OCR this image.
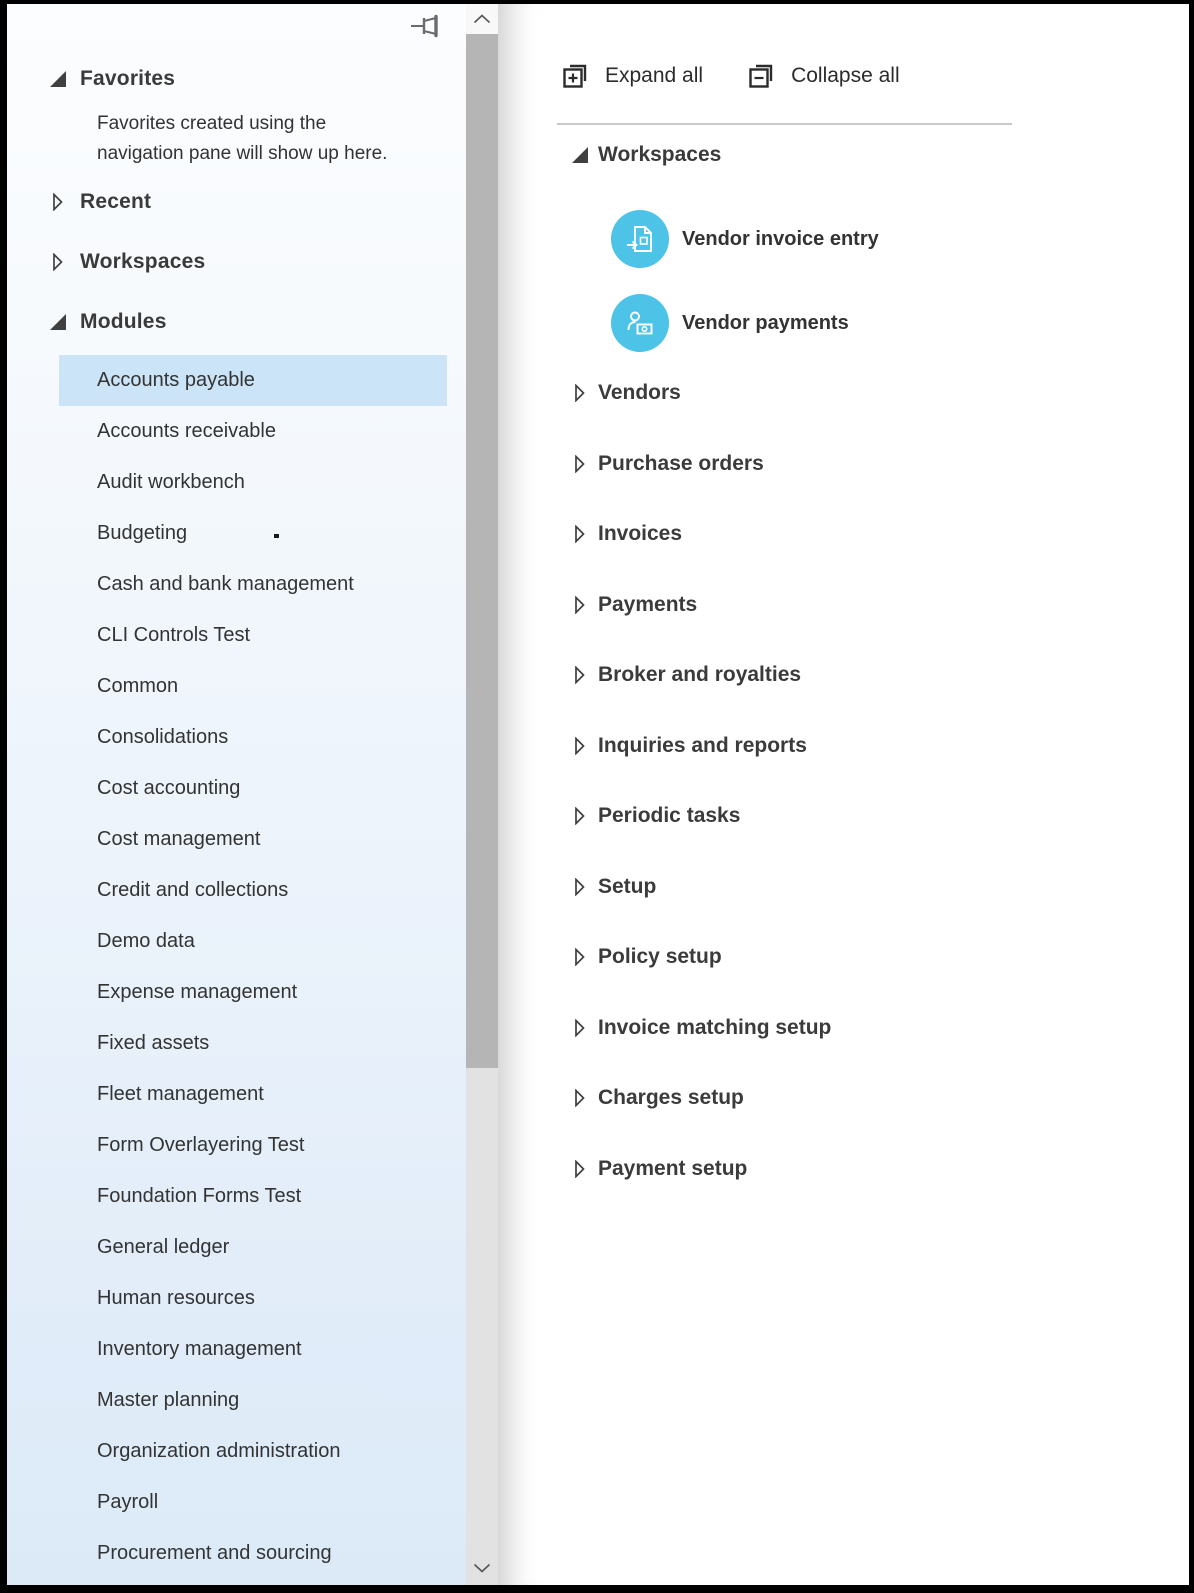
Favorites
Favorites created using the
navigation pane will show up here.
Recent
Workspaces
Modules
Accounts payable
Accounts receivable
Audit workbench
Budgeting
Cash and bank management
CLI Controls Test
Common
Consolidations
Cost accounting
Cost management
Credit and collections
Demo data
Expense management
Fixed assets
Fleet management
Form Overlayering Test
Foundation Forms Test
General ledger
Human resources
Inventory management
Master planning
Organization administration
Payroll
Procurement and sourcing
Expand all	Collapse all
Workspaces
Vendor invoice entry
Vendor payments
Vendors
Purchase orders
Invoices
Payments
Broker and royalties
Inquiries and reports
Periodic tasks
Setup
Policy setup
Invoice matching setup
Charges setup
Payment setup
